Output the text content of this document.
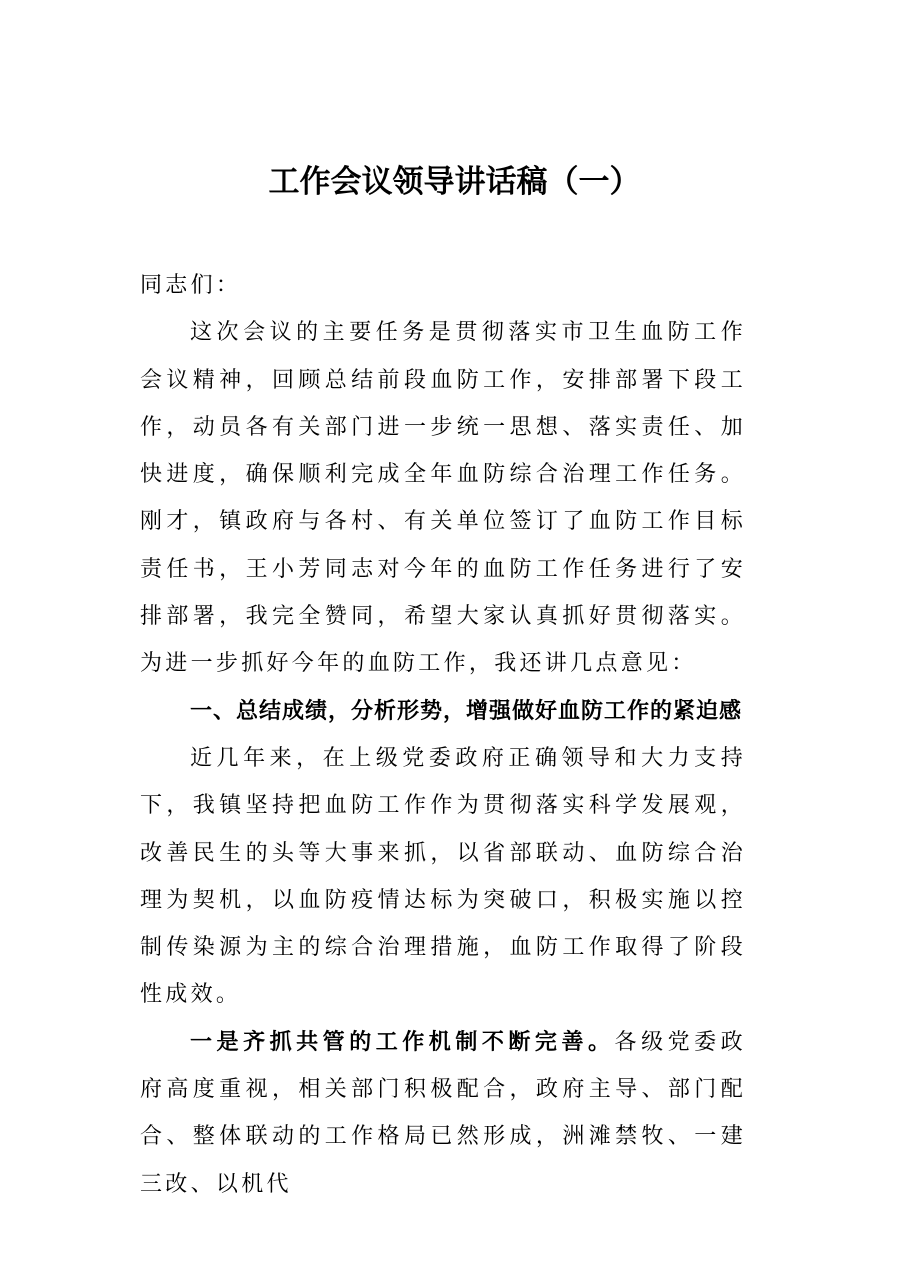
工作会议领导讲话稿（一）

同志们：

这次会议的主要任务是贯彻落实市卫生血防工作会议精神，回顾总结前段血防工作，安排部署下段工作，动员各有关部门进一步统一思想、落实责任、加快进度，确保顺利完成全年血防综合治理工作任务。刚才，镇政府与各村、有关单位签订了血防工作目标责任书，王小芳同志对今年的血防工作任务进行了安排部署，我完全赞同，希望大家认真抓好贯彻落实。为进一步抓好今年的血防工作，我还讲几点意见：

一、总结成绩，分析形势，增强做好血防工作的紧迫感

近几年来，在上级党委政府正确领导和大力支持下，我镇坚持把血防工作作为贯彻落实科学发展观，改善民生的头等大事来抓，以省部联动、血防综合治理为契机，以血防疫情达标为突破口，积极实施以控制传染源为主的综合治理措施，血防工作取得了阶段性成效。

一是齐抓共管的工作机制不断完善。各级党委政府高度重视，相关部门积极配合，政府主导、部门配合、整体联动的工作格局已然形成，洲滩禁牧、一建三改、以机代
